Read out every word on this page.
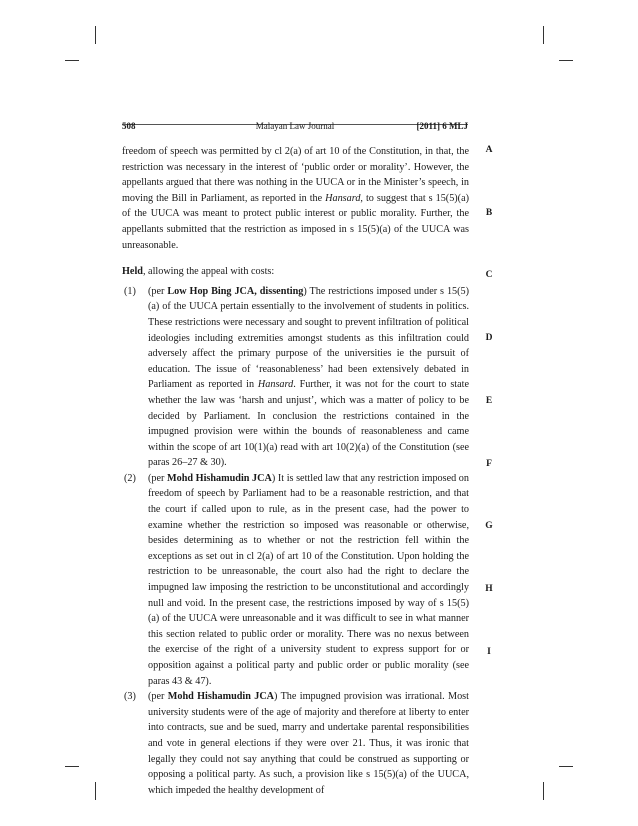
Malayan Law Journal
508	[2011] 6 MLJ
A
B
C
D
E
F
G
H
I

freedom of speech was permitted by cl 2(a) of art 10 of the Constitution, in that, the restriction was necessary in the interest of ‘public order or morality’. However, the appellants argued that there was nothing in the UUCA or in the Minister’s speech, in moving the Bill in Parliament, as reported in the Hansard, to suggest that s 15(5)(a) of the UUCA was meant to protect public interest or public morality. Further, the appellants submitted that the restriction as imposed in s 15(5)(a) of the UUCA was unreasonable.

Held, allowing the appeal with costs:

(1) (per Low Hop Bing JCA, dissenting) The restrictions imposed under s 15(5)(a) of the UUCA pertain essentially to the involvement of students in politics. These restrictions were necessary and sought to prevent infiltration of political ideologies including extremities amongst students as this infiltration could adversely affect the primary purpose of the universities ie the pursuit of education. The issue of ‘reasonableness’ had been extensively debated in Parliament as reported in Hansard. Further, it was not for the court to state whether the law was ‘harsh and unjust’, which was a matter of policy to be decided by Parliament. In conclusion the restrictions contained in the impugned provision were within the bounds of reasonableness and came within the scope of art 10(1)(a) read with art 10(2)(a) of the Constitution (see paras 26–27 & 30).

(2) (per Mohd Hishamudin JCA) It is settled law that any restriction imposed on freedom of speech by Parliament had to be a reasonable restriction, and that the court if called upon to rule, as in the present case, had the power to examine whether the restriction so imposed was reasonable or otherwise, besides determining as to whether or not the restriction fell within the exceptions as set out in cl 2(a) of art 10 of the Constitution. Upon holding the restriction to be unreasonable, the court also had the right to declare the impugned law imposing the restriction to be unconstitutional and accordingly null and void. In the present case, the restrictions imposed by way of s 15(5)(a) of the UUCA were unreasonable and it was difficult to see in what manner this section related to public order or morality. There was no nexus between the exercise of the right of a university student to express support for or opposition against a political party and public order or public morality (see paras 43 & 47).

(3) (per Mohd Hishamudin JCA) The impugned provision was irrational. Most university students were of the age of majority and therefore at liberty to enter into contracts, sue and be sued, marry and undertake parental responsibilities and vote in general elections if they were over 21. Thus, it was ironic that legally they could not say anything that could be construed as supporting or opposing a political party. As such, a provision like s 15(5)(a) of the UUCA, which impeded the healthy development of
